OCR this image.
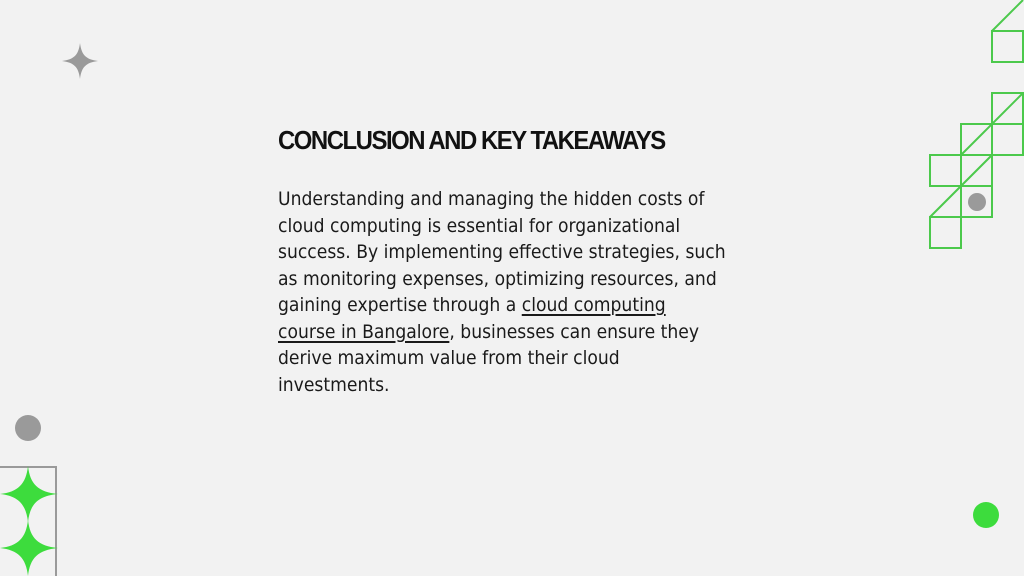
CONCLUSION AND KEY TAKEAWAYS

Understanding and managing the hidden costs of
cloud computing is essential for organizational
success. By implementing effective strategies, such
as monitoring expenses, optimizing resources, and
gaining expertise through a cloud computing
course in Bangalore, businesses can ensure they
derive maximum value from their cloud
investments.
